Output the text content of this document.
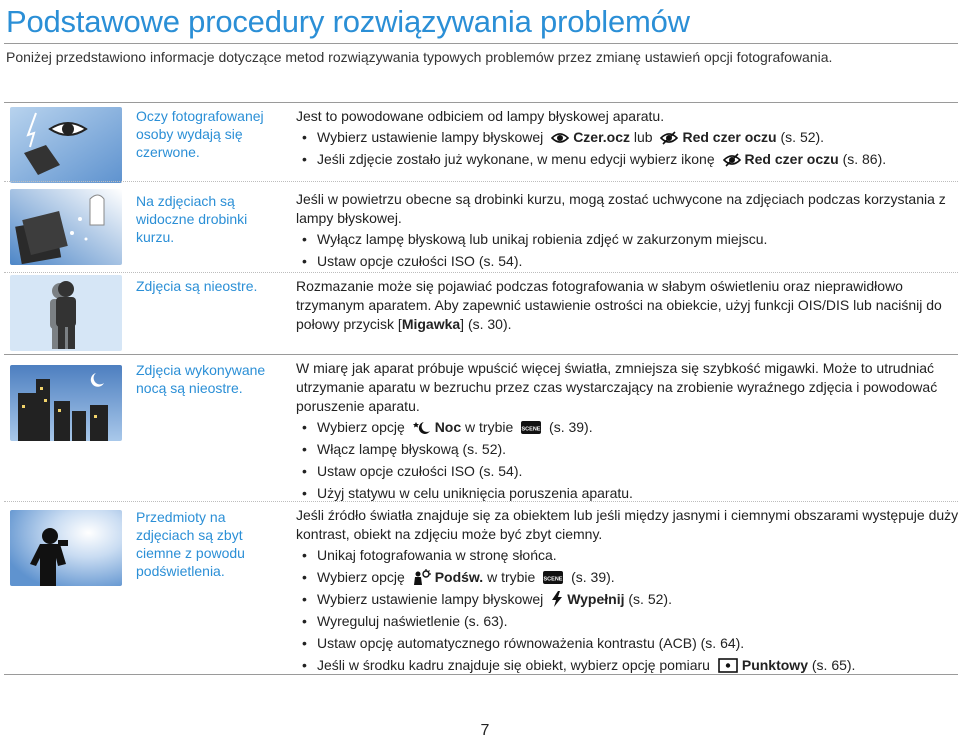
Podstawowe procedury rozwiązywania problemów
Poniżej przedstawiono informacje dotyczące metod rozwiązywania typowych problemów przez zmianę ustawień opcji fotografowania.
Oczy fotografowanej osoby wydają się czerwone.

Jest to powodowane odbiciem od lampy błyskowej aparatu.

• Wybierz ustawienie lampy błyskowej Czer.ocz lub Red czer oczu (s. 52).
• Jeśli zdjęcie zostało już wykonane, w menu edycji wybierz ikonę Red czer oczu (s. 86).
Na zdjęciach są widoczne drobinki kurzu.

Jeśli w powietrzu obecne są drobinki kurzu, mogą zostać uchwycone na zdjęciach podczas korzystania z lampy błyskowej.

• Wyłącz lampę błyskową lub unikaj robienia zdjęć w zakurzonym miejscu.
• Ustaw opcje czułości ISO (s. 54).
Zdjęcia są nieostre.	Rozmazanie może się pojawiać podczas fotografowania w słabym oświetleniu oraz nieprawidłowo trzymanym aparatem. Aby zapewnić ustawienie ostrości na obiekcie, użyj funkcji OIS/DIS lub naciśnij do połowy przycisk [Migawka] (s. 30).

Zdjęcia wykonywane nocą są nieostre.

W miarę jak aparat próbuje wpuścić więcej światła, zmniejsza się szybkość migawki. Może to utrudniać utrzymanie aparatu w bezruchu przez czas wystarczający na zrobienie wyraźnego zdjęcia i powodować poruszenie aparatu.

• Wybierz opcję Noc w trybie SCENE (s. 39).
• Włącz lampę błyskową (s. 52).
• Ustaw opcje czułości ISO (s. 54).
• Użyj statywu w celu uniknięcia poruszenia aparatu.
Przedmioty na zdjęciach są zbyt ciemne z powodu podświetlenia.

Jeśli źródło światła znajduje się za obiektem lub jeśli między jasnymi i ciemnymi obszarami występuje duży kontrast, obiekt na zdjęciu może być zbyt ciemny.

• Unikaj fotografowania w stronę słońca.
• Wybierz opcję Podśw. w trybie SCENE (s. 39).
• Wybierz ustawienie lampy błyskowej Wypełnij (s. 52).
• Wyreguluj naświetlenie (s. 63).
• Ustaw opcję automatycznego równoważenia kontrastu (ACB) (s. 64).
• Jeśli w środku kadru znajduje się obiekt, wybierz opcję pomiaru Punktowy (s. 65).
7
